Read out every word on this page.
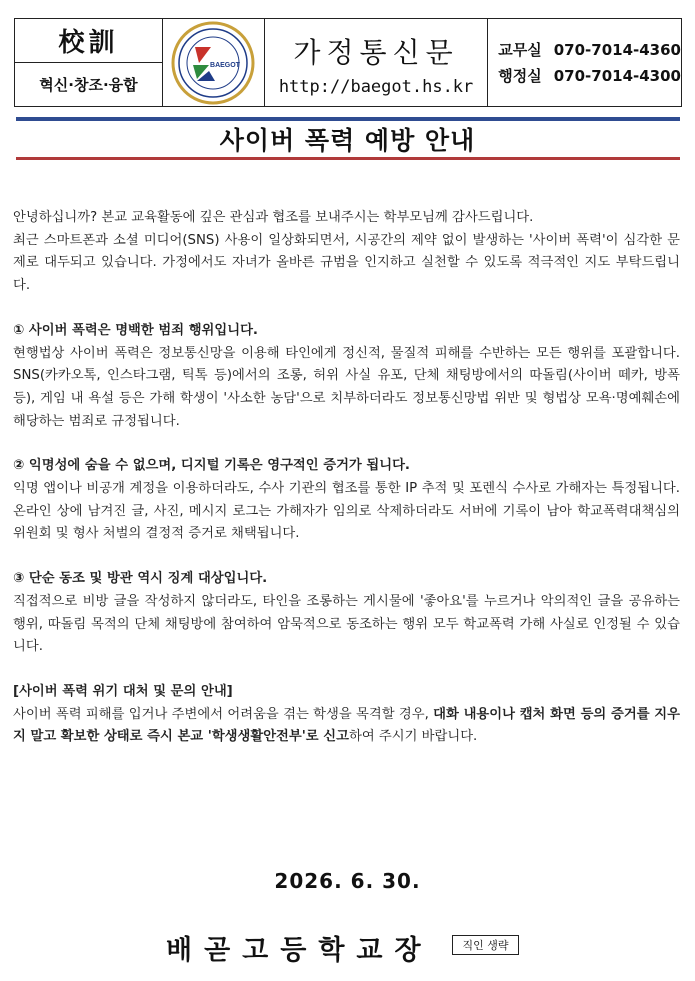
校訓
혁신·창조·융합
BAEGOT 가정통신문
http://baegot.hs.kr
교무실 070-7014-4360
행정실 070-7014-4300
사이버 폭력 예방 안내

안녕하십니까? 본교 교육활동에 깊은 관심과 협조를 보내주시는 학부모님께 감사드립니다.

최근 스마트폰과 소셜 미디어(SNS) 사용이 일상화되면서, 시공간의 제약 없이 발생하는 '사이버 폭력'이 심각한 문제로 대두되고 있습니다. 가정에서도 자녀가 올바른 규범을 인지하고 실천할 수 있도록 적극적인 지도 부탁드립니다.

① 사이버 폭력은 명백한 범죄 행위입니다.

현행법상 사이버 폭력은 정보통신망을 이용해 타인에게 정신적, 물질적 피해를 수반하는 모든 행위를 포괄합니다. SNS(카카오톡, 인스타그램, 틱톡 등)에서의 조롱, 허위 사실 유포, 단체 채팅방에서의 따돌림(사이버 떼카, 방폭 등), 게임 내 욕설 등은 가해 학생이 '사소한 농담'으로 치부하더라도 정보통신망법 위반 및 형법상 모욕·명예훼손에 해당하는 범죄로 규정됩니다.

② 익명성에 숨을 수 없으며, 디지털 기록은 영구적인 증거가 됩니다.

익명 앱이나 비공개 계정을 이용하더라도, 수사 기관의 협조를 통한 IP 추적 및 포렌식 수사로 가해자는 특정됩니다. 온라인 상에 남겨진 글, 사진, 메시지 로그는 가해자가 임의로 삭제하더라도 서버에 기록이 남아 학교폭력대책심의위원회 및 형사 처벌의 결정적 증거로 채택됩니다.

③ 단순 동조 및 방관 역시 징계 대상입니다.

직접적으로 비방 글을 작성하지 않더라도, 타인을 조롱하는 게시물에 '좋아요'를 누르거나 악의적인 글을 공유하는 행위, 따돌림 목적의 단체 채팅방에 참여하여 암묵적으로 동조하는 행위 모두 학교폭력 가해 사실로 인정될 수 있습니다.

[사이버 폭력 위기 대처 및 문의 안내]

사이버 폭력 피해를 입거나 주변에서 어려움을 겪는 학생을 목격할 경우, 대화 내용이나 캡처 화면 등의 증거를 지우지 말고 확보한 상태로 즉시 본교 '학생생활안전부'로 신고하여 주시기 바랍니다.

2026. 6. 30.
배곧고등학교장	직인 생략
